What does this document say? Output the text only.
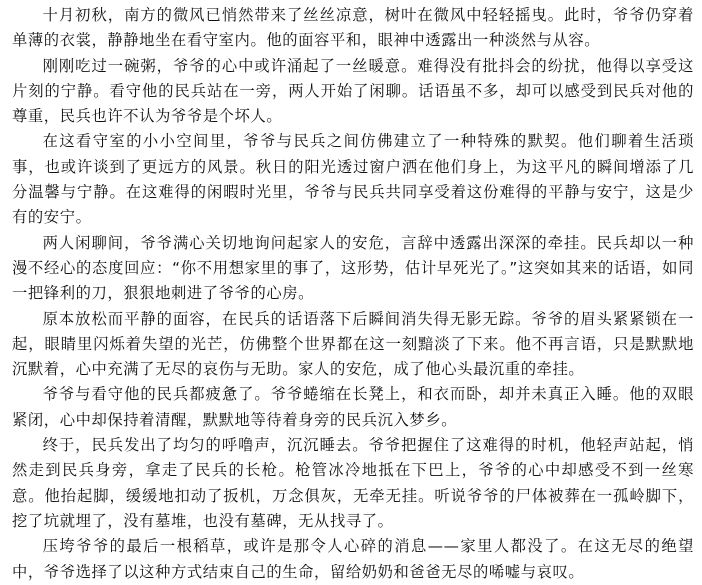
十月初秋，南方的微风已悄然带来了丝丝凉意，树叶在微风中轻轻摇曳。此时，爷爷仍穿着单薄的衣裳，静静地坐在看守室内。他的面容平和，眼神中透露出一种淡然与从容。

刚刚吃过一碗粥，爷爷的心中或许涌起了一丝暖意。难得没有批抖会的纷扰，他得以享受这片刻的宁静。看守他的民兵站在一旁，两人开始了闲聊。话语虽不多，却可以感受到民兵对他的尊重，民兵也许不认为爷爷是个坏人。

在这看守室的小小空间里，爷爷与民兵之间仿佛建立了一种特殊的默契。他们聊着生活琐事，也或许谈到了更远方的风景。秋日的阳光透过窗户洒在他们身上，为这平凡的瞬间增添了几分温馨与宁静。在这难得的闲暇时光里，爷爷与民兵共同享受着这份难得的平静与安宁，这是少有的安宁。

两人闲聊间，爷爷满心关切地询问起家人的安危，言辞中透露出深深的牵挂。民兵却以一种漫不经心的态度回应：“你不用想家里的事了，这形势，估计早死光了。”这突如其来的话语，如同一把锋利的刀，狠狠地刺进了爷爷的心房。

原本放松而平静的面容，在民兵的话语落下后瞬间消失得无影无踪。爷爷的眉头紧紧锁在一起，眼睛里闪烁着失望的光芒，仿佛整个世界都在这一刻黯淡了下来。他不再言语，只是默默地沉默着，心中充满了无尽的哀伤与无助。家人的安危，成了他心头最沉重的牵挂。

爷爷与看守他的民兵都疲惫了。爷爷蜷缩在长凳上，和衣而卧，却并未真正入睡。他的双眼紧闭，心中却保持着清醒，默默地等待着身旁的民兵沉入梦乡。

终于，民兵发出了均匀的呼噜声，沉沉睡去。爷爷把握住了这难得的时机，他轻声站起，悄然走到民兵身旁，拿走了民兵的长枪。枪管冰冷地抵在下巴上，爷爷的心中却感受不到一丝寒意。他抬起脚，缓缓地扣动了扳机，万念俱灰，无牵无挂。听说爷爷的尸体被葬在一孤岭脚下，挖了坑就埋了，没有墓堆，也没有墓碑，无从找寻了。

压垮爷爷的最后一根稻草，或许是那令人心碎的消息——家里人都没了。在这无尽的绝望中，爷爷选择了以这种方式结束自己的生命，留给奶奶和爸爸无尽的唏嘘与哀叹。
